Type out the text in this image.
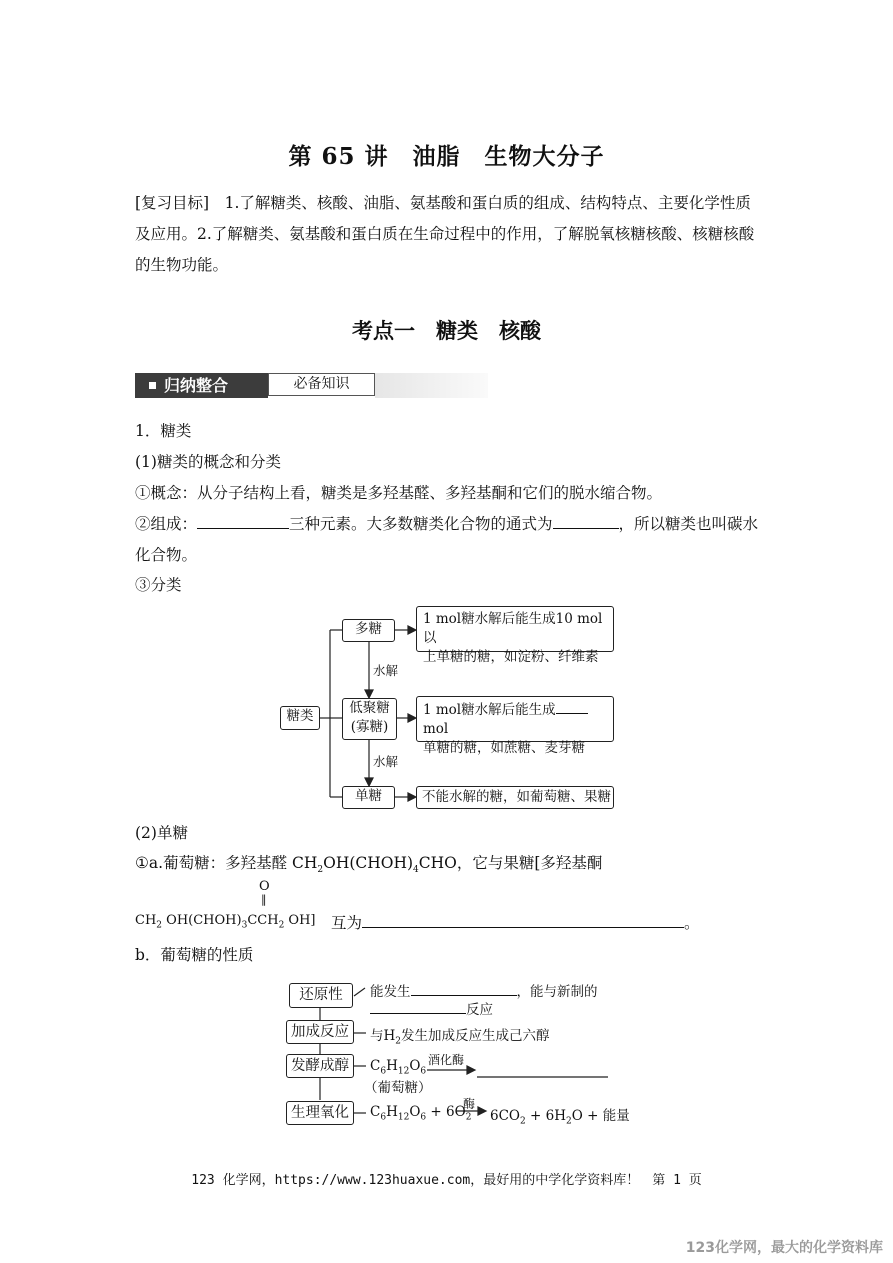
第 65 讲　油脂　生物大分子
[复习目标]　1.了解糖类、核酸、油脂、氨基酸和蛋白质的组成、结构特点、主要化学性质
及应用。2.了解糖类、氨基酸和蛋白质在生命过程中的作用，了解脱氧核糖核酸、核糖核酸
的生物功能。
考点一　糖类　核酸
归纳整合	必备知识
1．糖类
(1)糖类的概念和分类
①概念：从分子结构上看，糖类是多羟基醛、多羟基酮和它们的脱水缩合物。
②组成：	三种元素。大多数糖类化合物的通式为	，所以糖类也叫碳水
化合物。
③分类
糖类
多糖
低聚糖
(寡糖)
单糖
水解
水解
1 mol糖水解后能生成10 mol以
上单糖的糖，如淀粉、纤维素
1 mol糖水解后能生成 mol
单糖的糖，如蔗糖、麦芽糖
不能水解的糖，如葡萄糖、果糖
(2)单糖
①a.葡萄糖：多羟基醛 $CH_2OH(CHOH)_4CHO$，它与果糖[多羟基酮
O
‖
$CH_2$ $OH(CHOH)_3CCH_2$ OH] 互为	。
b．葡萄糖的性质
还原性
加成反应
发酵成醇
生理氧化
能发生	，能与新制的
反应
与$H_2$发生加成反应生成己六醇
$C_6H_{12}O_6$
酒化酶
（葡萄糖）
$C_6H_{12}O_6 + 6O_2$
酶
$6CO_2 + 6H_2O$ + 能量
123 化学网，https://www.123huaxue.com，最好用的中学化学资料库！　第 1 页
123化学网，最大的化学资料库
